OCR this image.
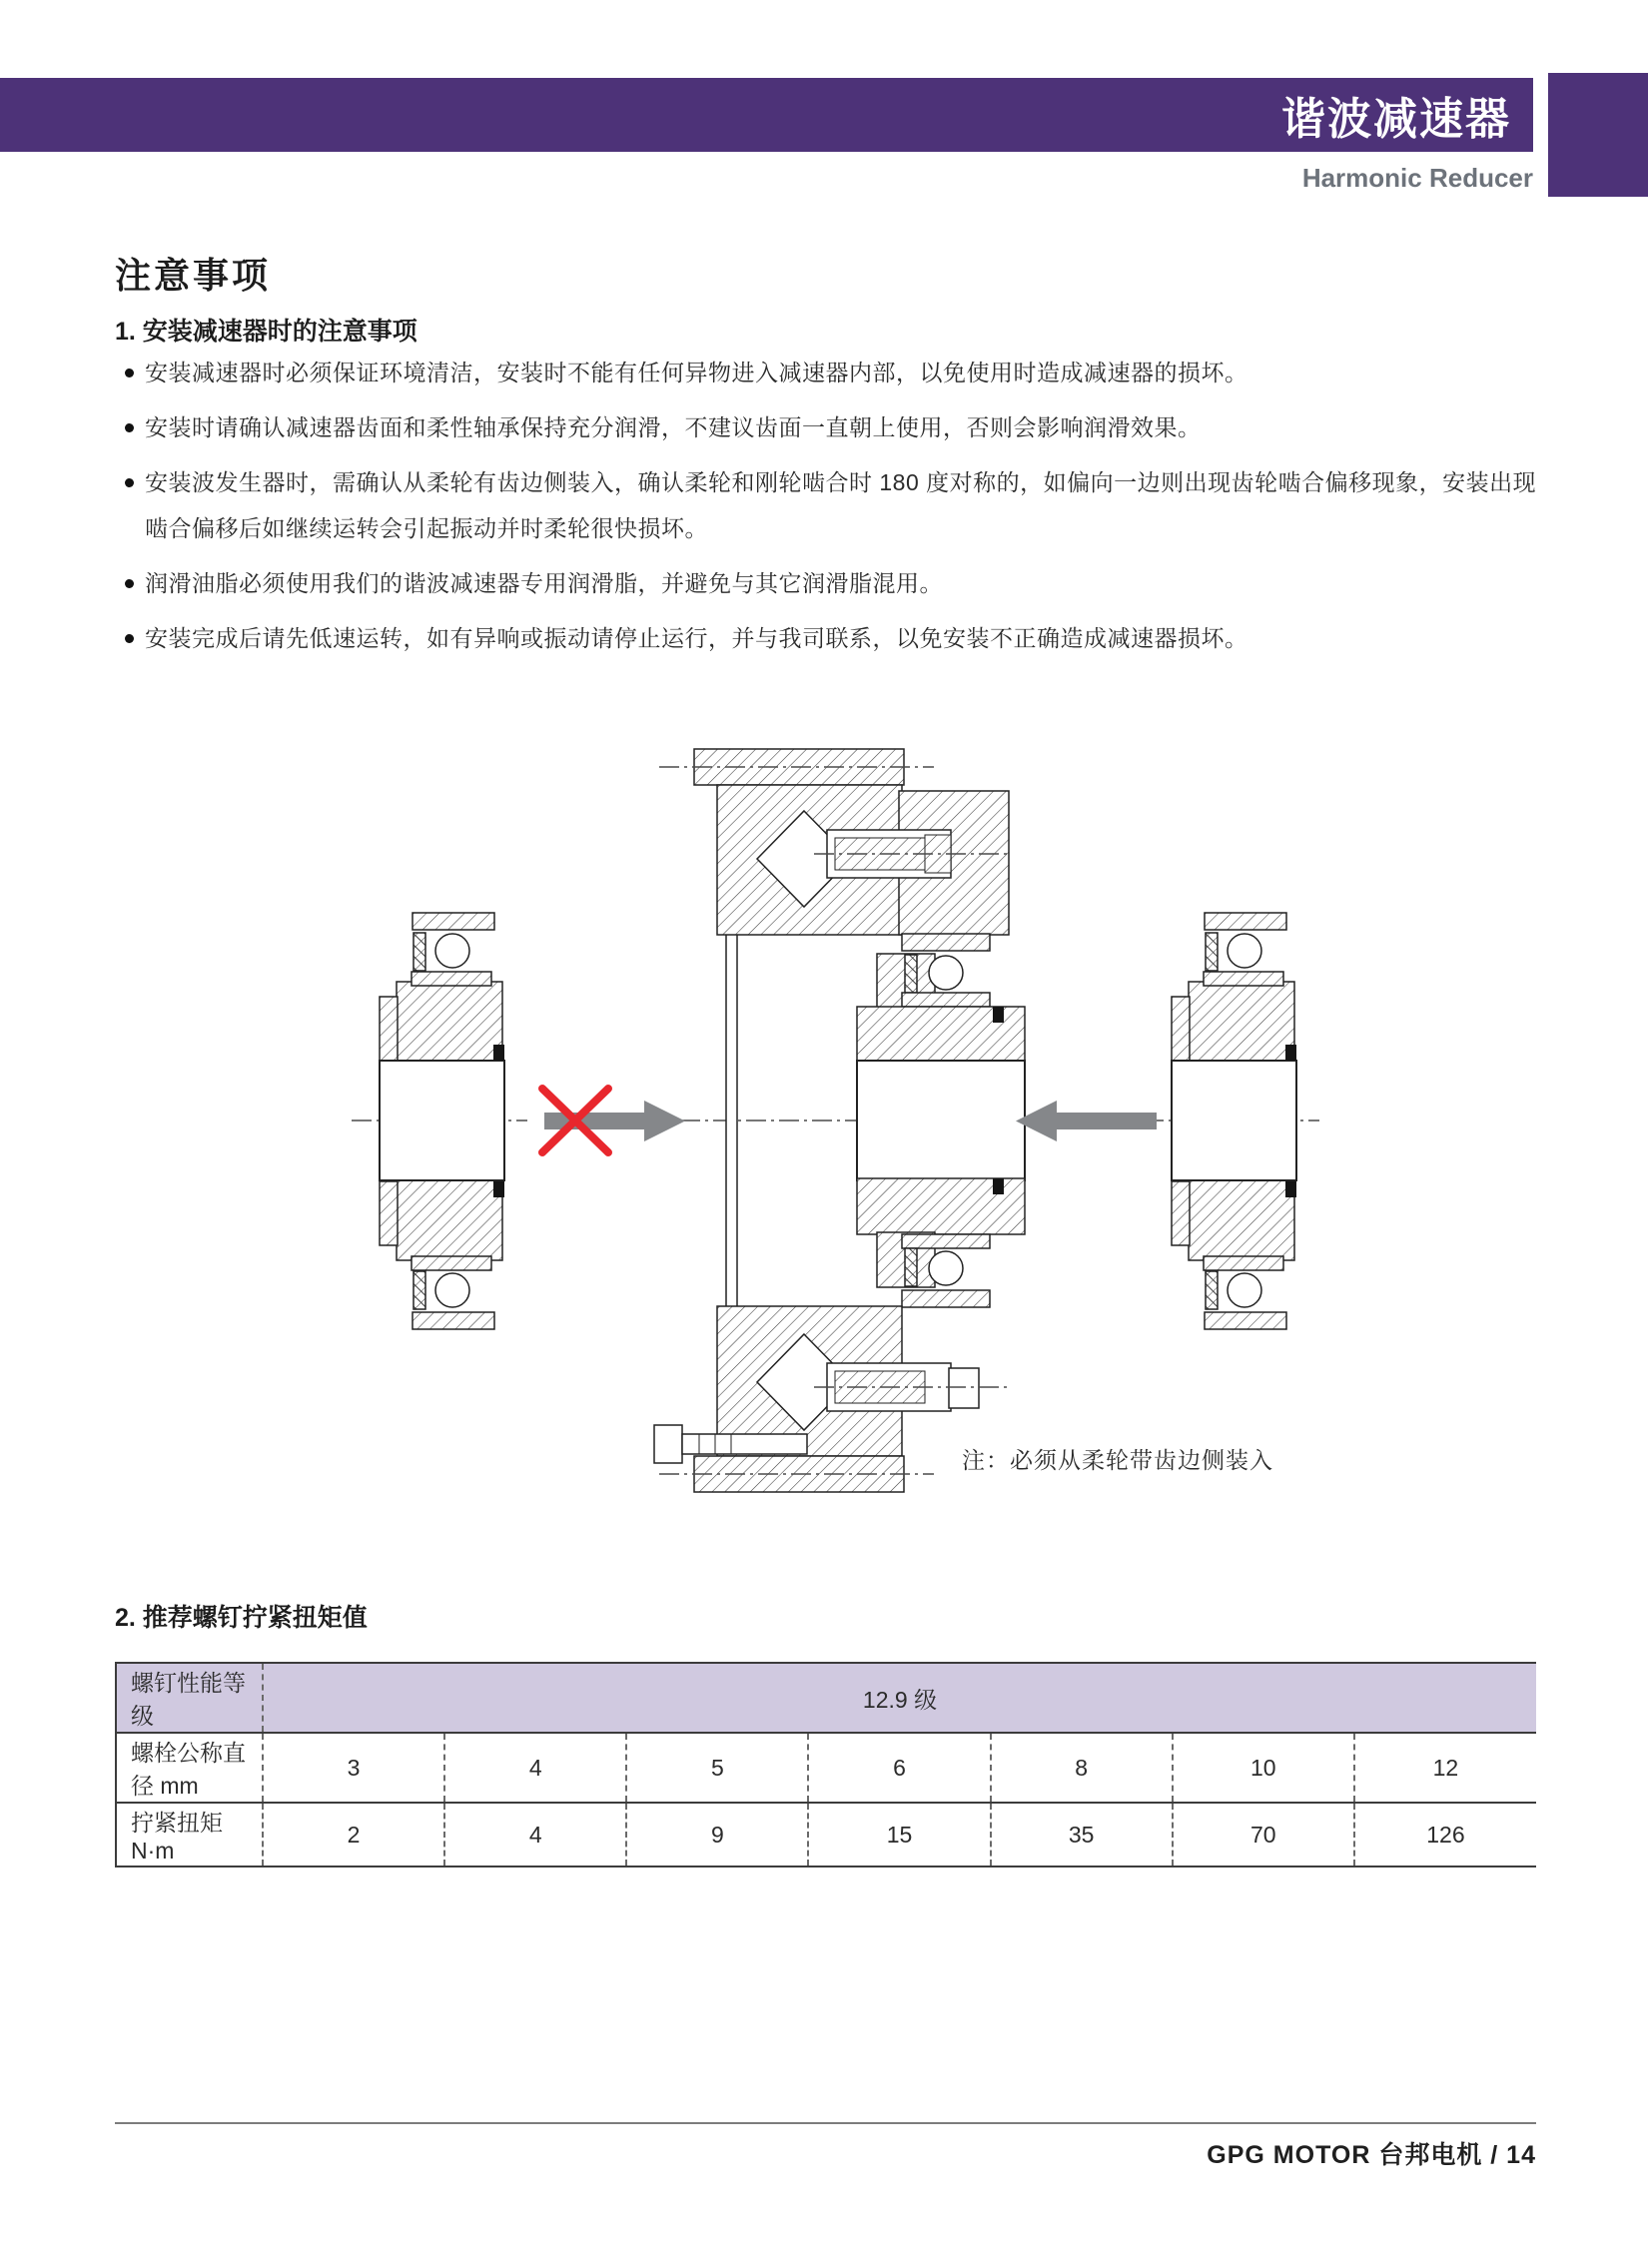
谐波减速器
Harmonic Reducer
注意事项
1. 安装减速器时的注意事项
安装减速器时必须保证环境清洁，安装时不能有任何异物进入减速器内部，以免使用时造成减速器的损坏。
安装时请确认减速器齿面和柔性轴承保持充分润滑，不建议齿面一直朝上使用，否则会影响润滑效果。
安装波发生器时，需确认从柔轮有齿边侧装入，确认柔轮和刚轮啮合时 180 度对称的，如偏向一边则出现齿轮啮合偏移现象，安装出现啮合偏移后如继续运转会引起振动并时柔轮很快损坏。
润滑油脂必须使用我们的谐波减速器专用润滑脂，并避免与其它润滑脂混用。
安装完成后请先低速运转，如有异响或振动请停止运行，并与我司联系，以免安装不正确造成减速器损坏。
注：必须从柔轮带齿边侧装入
2. 推荐螺钉拧紧扭矩值
螺钉性能等级	12.9 级						
螺栓公称直径 mm	3	4	5	6	8	10	12
拧紧扭矩 N·m	2	4	9	15	35	70	126
GPG MOTOR 台邦电机 / 14
